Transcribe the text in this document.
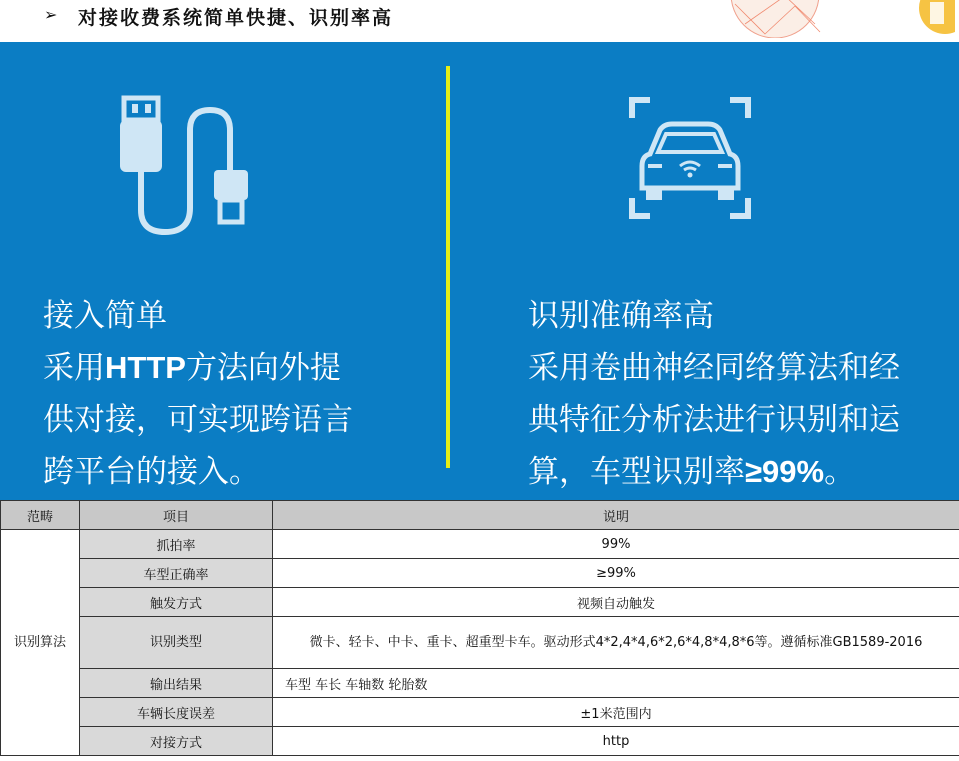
➢ 对接收费系统简单快捷、识别率高
接入简单
采用HTTP方法向外提
供对接，可实现跨语言
跨平台的接入。
识别准确率高
采用卷曲神经同络算法和经
典特征分析法进行识别和运
算，车型识别率≥99%。
范畴	项目	说明
识别算法	抓拍率	99%
	车型正确率	≥99%
	触发方式	视频自动触发
	识别类型	微卡、轻卡、中卡、重卡、超重型卡车。驱动形式4*2,4*4,6*2,6*4,8*4,8*6等。遵循标准GB1589-2016
	输出结果	车型 车长 车轴数 轮胎数
	车辆长度误差	±1米范围内
	对接方式	http
